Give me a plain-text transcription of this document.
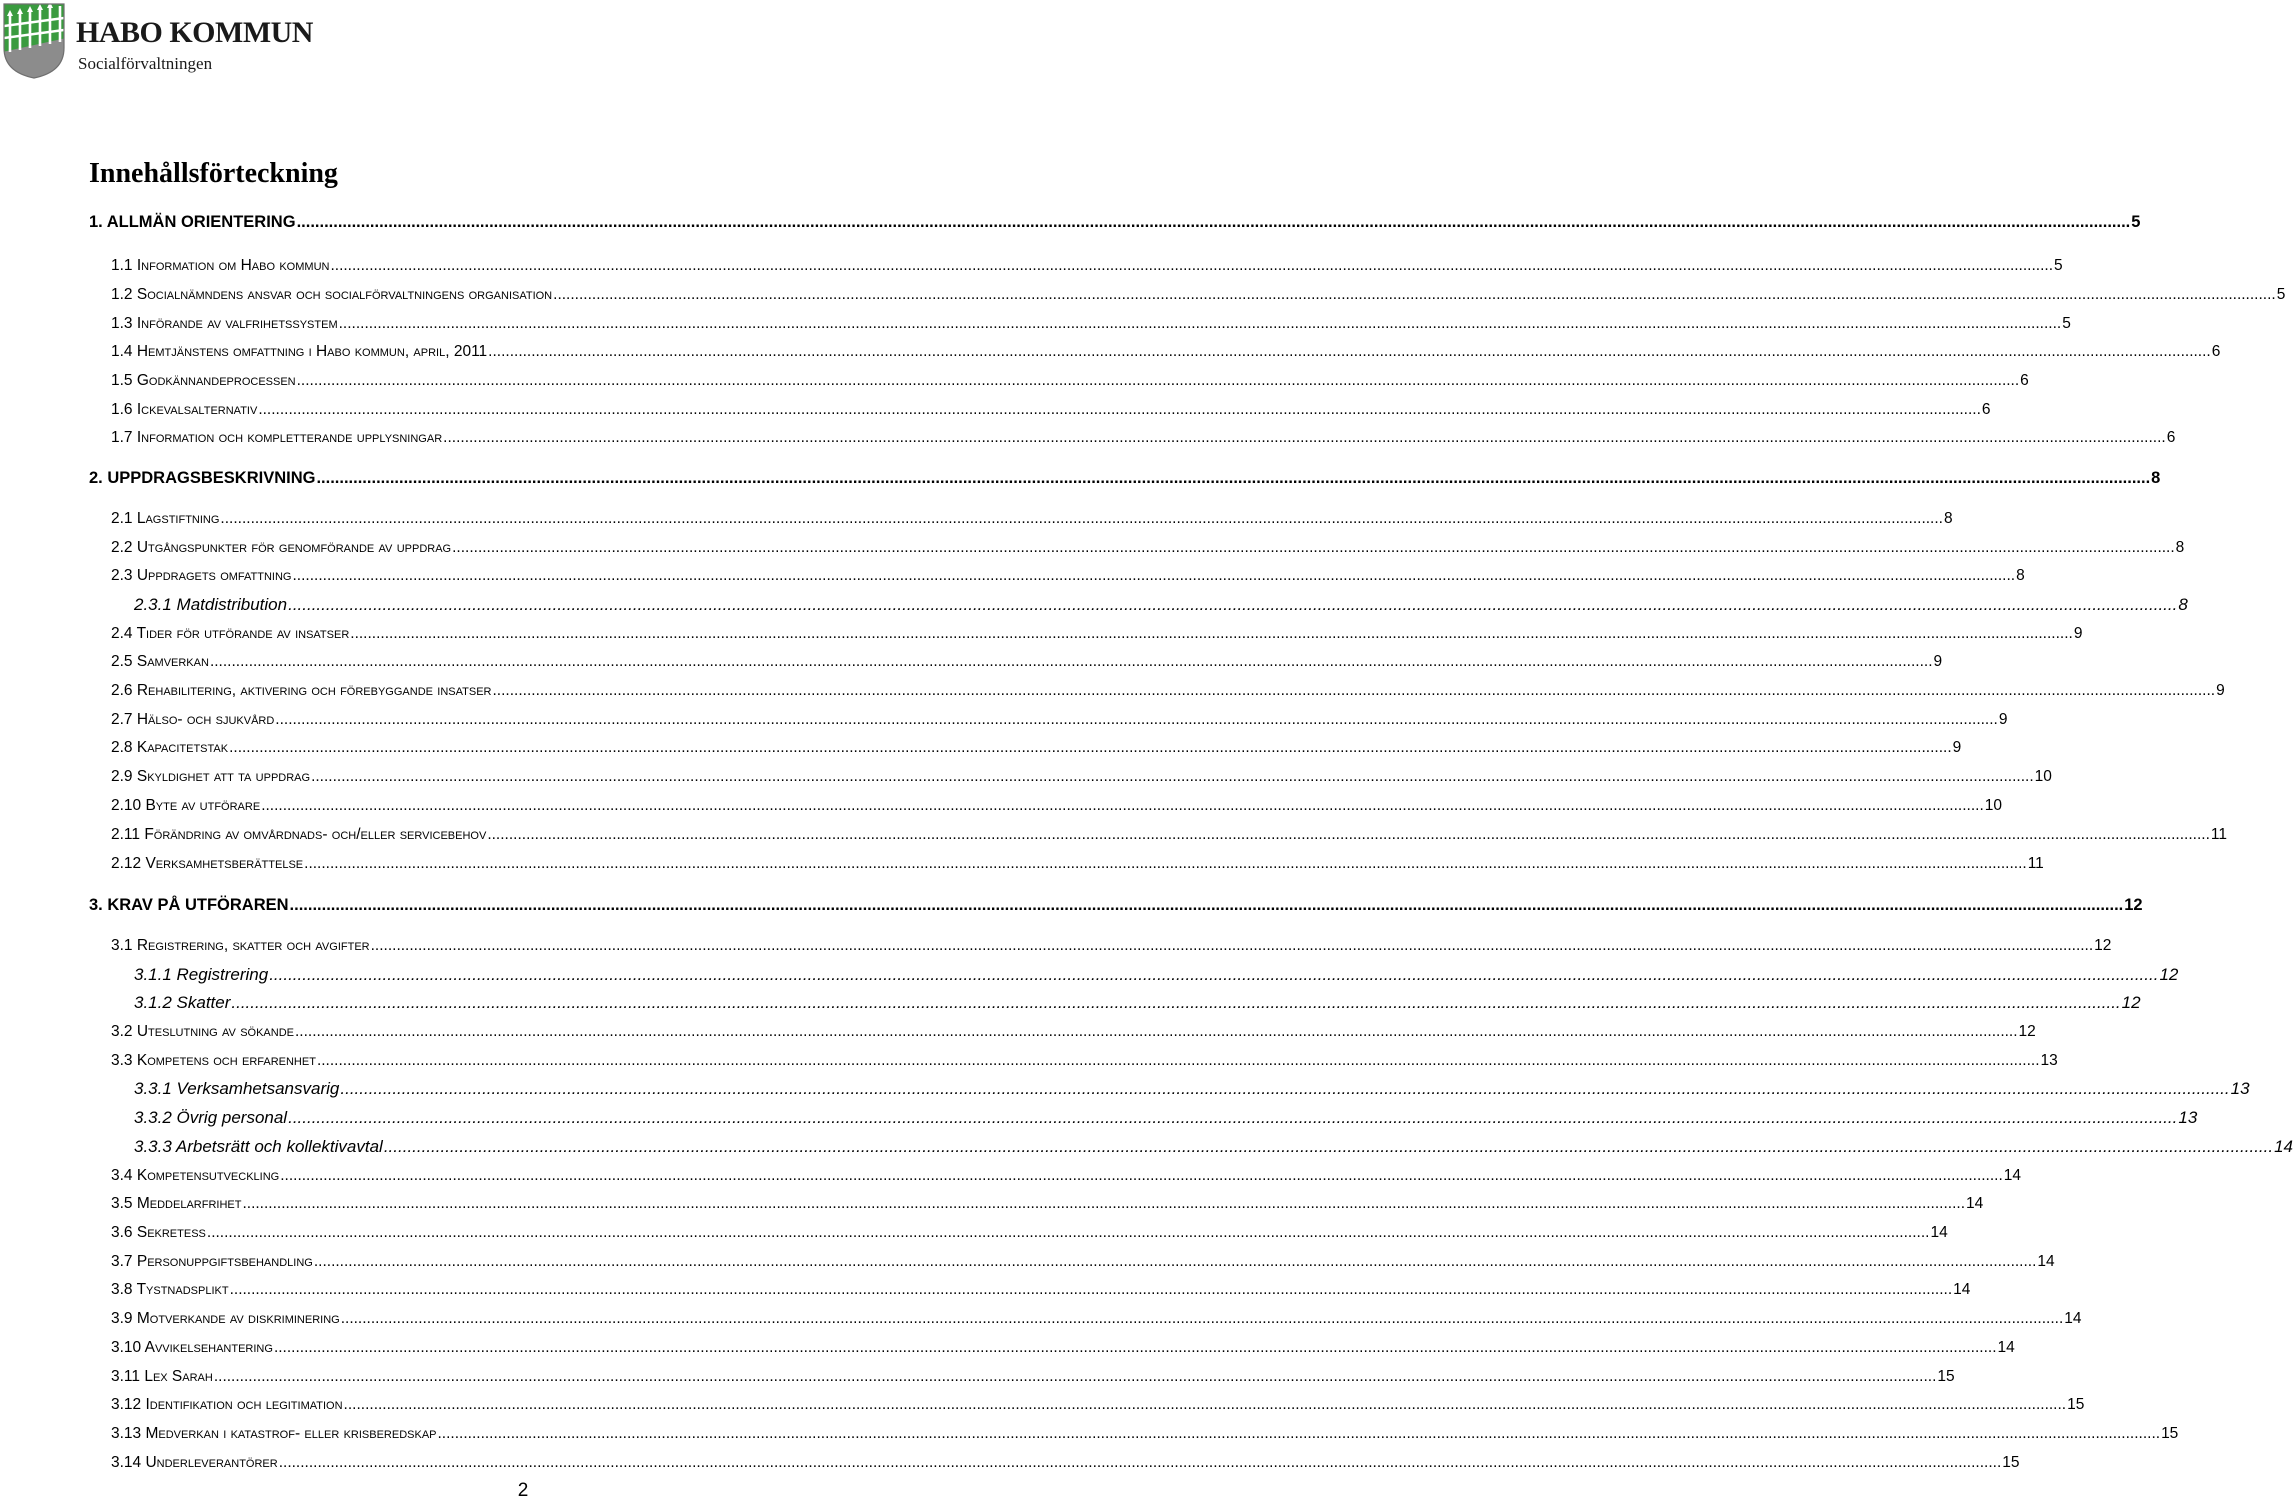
HABO KOMMUN
Socialförvaltningen
Innehållsförteckning
1. ALLMÄN ORIENTERING ................................................................................................................................................................................................................................................................................................................................................................................................................ 5
1.1 Information om Habo kommun ................................................................................................................................................................................................................................................................................................................................................................................................................ 5
1.2 Socialnämndens ansvar och socialförvaltningens organisation ................................................................................................................................................................................................................................................................................................................................................................................................................ 5
1.3 Införande av valfrihetssystem ................................................................................................................................................................................................................................................................................................................................................................................................................ 5
1.4 Hemtjänstens omfattning i Habo kommun, april, 2011 ................................................................................................................................................................................................................................................................................................................................................................................................................ 6
1.5 Godkännandeprocessen ................................................................................................................................................................................................................................................................................................................................................................................................................ 6
1.6 Ickevalsalternativ ................................................................................................................................................................................................................................................................................................................................................................................................................ 6
1.7 Information och kompletterande upplysningar ................................................................................................................................................................................................................................................................................................................................................................................................................ 6
2. UPPDRAGSBESKRIVNING ................................................................................................................................................................................................................................................................................................................................................................................................................ 8
2.1 Lagstiftning ................................................................................................................................................................................................................................................................................................................................................................................................................ 8
2.2 Utgångspunkter för genomförande av uppdrag ................................................................................................................................................................................................................................................................................................................................................................................................................ 8
2.3 Uppdragets omfattning ................................................................................................................................................................................................................................................................................................................................................................................................................ 8
2.3.1 Matdistribution ................................................................................................................................................................................................................................................................................................................................................................................................................ 8
2.4 Tider för utförande av insatser ................................................................................................................................................................................................................................................................................................................................................................................................................ 9
2.5 Samverkan ................................................................................................................................................................................................................................................................................................................................................................................................................ 9
2.6 Rehabilitering, aktivering och förebyggande insatser ................................................................................................................................................................................................................................................................................................................................................................................................................ 9
2.7 Hälso- och sjukvård ................................................................................................................................................................................................................................................................................................................................................................................................................ 9
2.8 Kapacitetstak ................................................................................................................................................................................................................................................................................................................................................................................................................ 9
2.9 Skyldighet att ta uppdrag ................................................................................................................................................................................................................................................................................................................................................................................................................ 10
2.10 Byte av utförare ................................................................................................................................................................................................................................................................................................................................................................................................................ 10
2.11 Förändring av omvårdnads- och/eller servicebehov ................................................................................................................................................................................................................................................................................................................................................................................................................ 11
2.12 Verksamhetsberättelse ................................................................................................................................................................................................................................................................................................................................................................................................................ 11
3. KRAV PÅ UTFÖRAREN ................................................................................................................................................................................................................................................................................................................................................................................................................ 12
3.1 Registrering, skatter och avgifter ................................................................................................................................................................................................................................................................................................................................................................................................................ 12
3.1.1 Registrering ................................................................................................................................................................................................................................................................................................................................................................................................................ 12
3.1.2 Skatter ................................................................................................................................................................................................................................................................................................................................................................................................................ 12
3.2 Uteslutning av sökande ................................................................................................................................................................................................................................................................................................................................................................................................................ 12
3.3 Kompetens och erfarenhet ................................................................................................................................................................................................................................................................................................................................................................................................................ 13
3.3.1 Verksamhetsansvarig ................................................................................................................................................................................................................................................................................................................................................................................................................ 13
3.3.2 Övrig personal ................................................................................................................................................................................................................................................................................................................................................................................................................ 13
3.3.3 Arbetsrätt och kollektivavtal ................................................................................................................................................................................................................................................................................................................................................................................................................ 14
3.4 Kompetensutveckling ................................................................................................................................................................................................................................................................................................................................................................................................................ 14
3.5 Meddelarfrihet ................................................................................................................................................................................................................................................................................................................................................................................................................ 14
3.6 Sekretess ................................................................................................................................................................................................................................................................................................................................................................................................................ 14
3.7 Personuppgiftsbehandling ................................................................................................................................................................................................................................................................................................................................................................................................................ 14
3.8 Tystnadsplikt ................................................................................................................................................................................................................................................................................................................................................................................................................ 14
3.9 Motverkande av diskriminering ................................................................................................................................................................................................................................................................................................................................................................................................................ 14
3.10 Avvikelsehantering ................................................................................................................................................................................................................................................................................................................................................................................................................ 14
3.11 Lex Sarah ................................................................................................................................................................................................................................................................................................................................................................................................................ 15
3.12 Identifikation och legitimation ................................................................................................................................................................................................................................................................................................................................................................................................................ 15
3.13 Medverkan i katastrof- eller krisberedskap ................................................................................................................................................................................................................................................................................................................................................................................................................ 15
3.14 Underleverantörer ................................................................................................................................................................................................................................................................................................................................................................................................................ 15
2
